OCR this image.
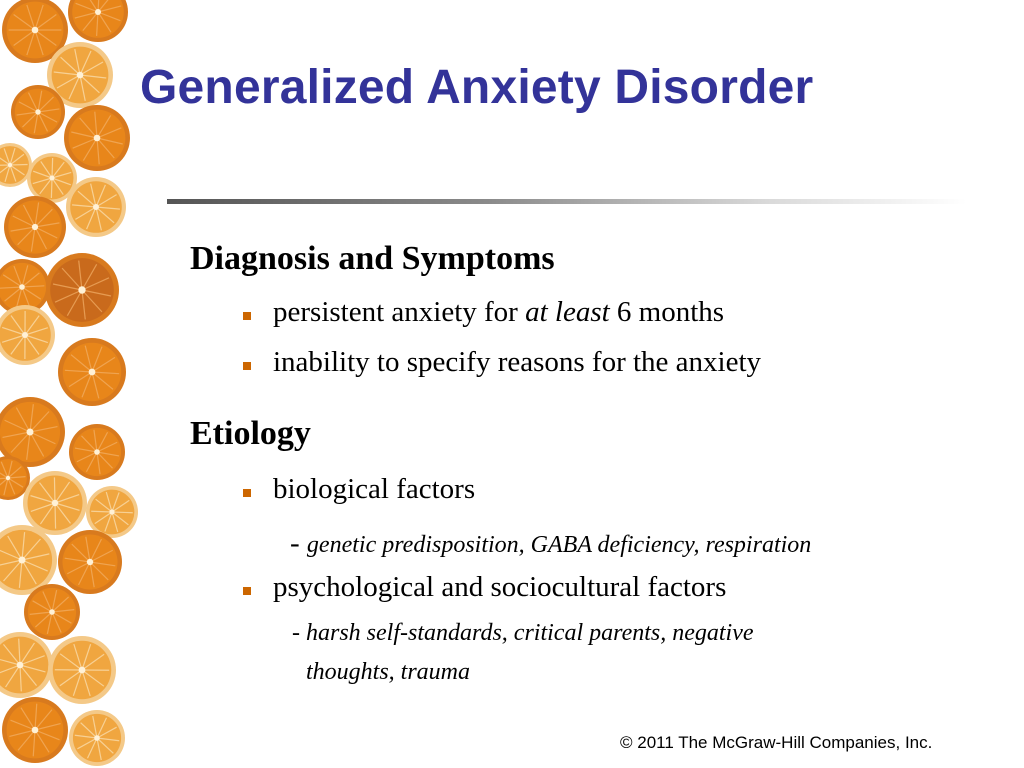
Generalized Anxiety Disorder
Diagnosis and Symptoms
persistent anxiety for at least 6 months
inability to specify reasons for the anxiety
Etiology
biological factors
- genetic predisposition, GABA deficiency, respiration
psychological and sociocultural factors
- harsh self-standards, critical parents, negative
thoughts, trauma
© 2011 The McGraw-Hill Companies, Inc.
